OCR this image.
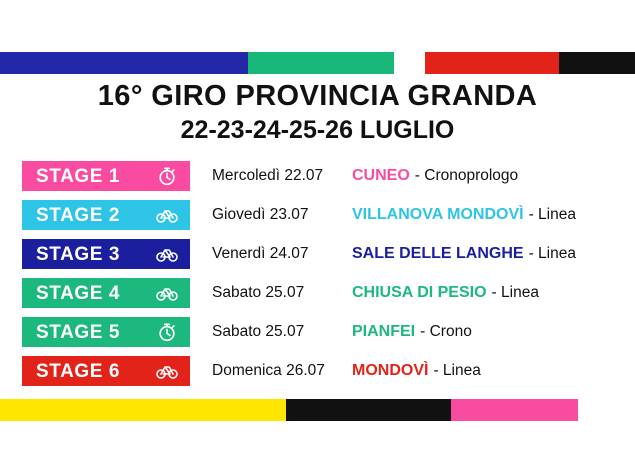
16° GIRO PROVINCIA GRANDA
22-23-24-25-26 LUGLIO
STAGE 1	Mercoledì 22.07	CUNEO - Cronoprologo
STAGE 2	Giovedì 23.07	VILLANOVA MONDOVÌ - Linea
STAGE 3	Venerdì 24.07	SALE DELLE LANGHE - Linea
STAGE 4	Sabato 25.07	CHIUSA DI PESIO - Linea
STAGE 5	Sabato 25.07	PIANFEI - Crono
STAGE 6	Domenica 26.07	MONDOVÌ - Linea
